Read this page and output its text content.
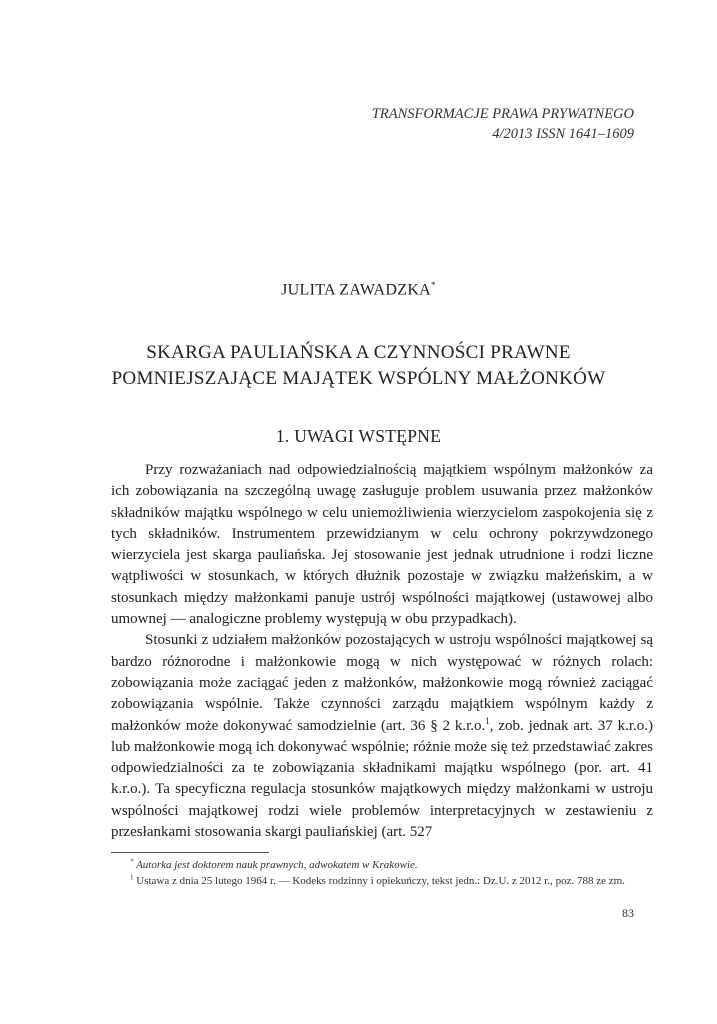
TRANSFORMACJE PRAWA PRYWATNEGO
4/2013 ISSN 1641–1609
JULITA ZAWADZKA*
SKARGA PAULIAŃSKA A CZYNNOŚCI PRAWNE
POMNIEJSZAJĄCE MAJĄTEK WSPÓLNY MAŁŻONKÓW
1. UWAGI WSTĘPNE

Przy rozważaniach nad odpowiedzialnością majątkiem wspólnym małżonków za ich zobowiązania na szczególną uwagę zasługuje problem usuwania przez małżonków składników majątku wspólnego w celu uniemożliwienia wierzycielom zaspokojenia się z tych składników. Instrumentem przewidzianym w celu ochrony pokrzywdzonego wierzyciela jest skarga pauliańska. Jej stosowanie jest jednak utrudnione i rodzi liczne wątpliwości w stosunkach, w których dłużnik pozostaje w związku małżeńskim, a w stosunkach między małżonkami panuje ustrój wspólności majątkowej (ustawowej albo umownej — analogiczne problemy występują w obu przypadkach).

Stosunki z udziałem małżonków pozostających w ustroju wspólności majątkowej są bardzo różnorodne i małżonkowie mogą w nich występować w różnych rolach: zobowiązania może zaciągać jeden z małżonków, małżonkowie mogą również zaciągać zobowiązania wspólnie. Także czynności zarządu majątkiem wspólnym każdy z małżonków może dokonywać samodzielnie (art. 36 § 2 k.r.o.$^1$, zob. jednak art. 37 k.r.o.) lub małżonkowie mogą ich dokonywać wspólnie; różnie może się też przedstawiać zakres odpowiedzialności za te zobowiązania składnikami majątku wspólnego (por. art. 41 k.r.o.). Ta specyficzna regulacja stosunków majątkowych między małżonkami w ustroju wspólności majątkowej rodzi wiele problemów interpretacyjnych w zestawieniu z przesłankami stosowania skargi pauliańskiej (art. 527

* Autorka jest doktorem nauk prawnych, adwokatem w Krakowie.
$^1$ Ustawa z dnia 25 lutego 1964 r. — Kodeks rodzinny i opiekuńczy, tekst jedn.: Dz.U. z 2012 r., poz. 788 ze zm.
83
